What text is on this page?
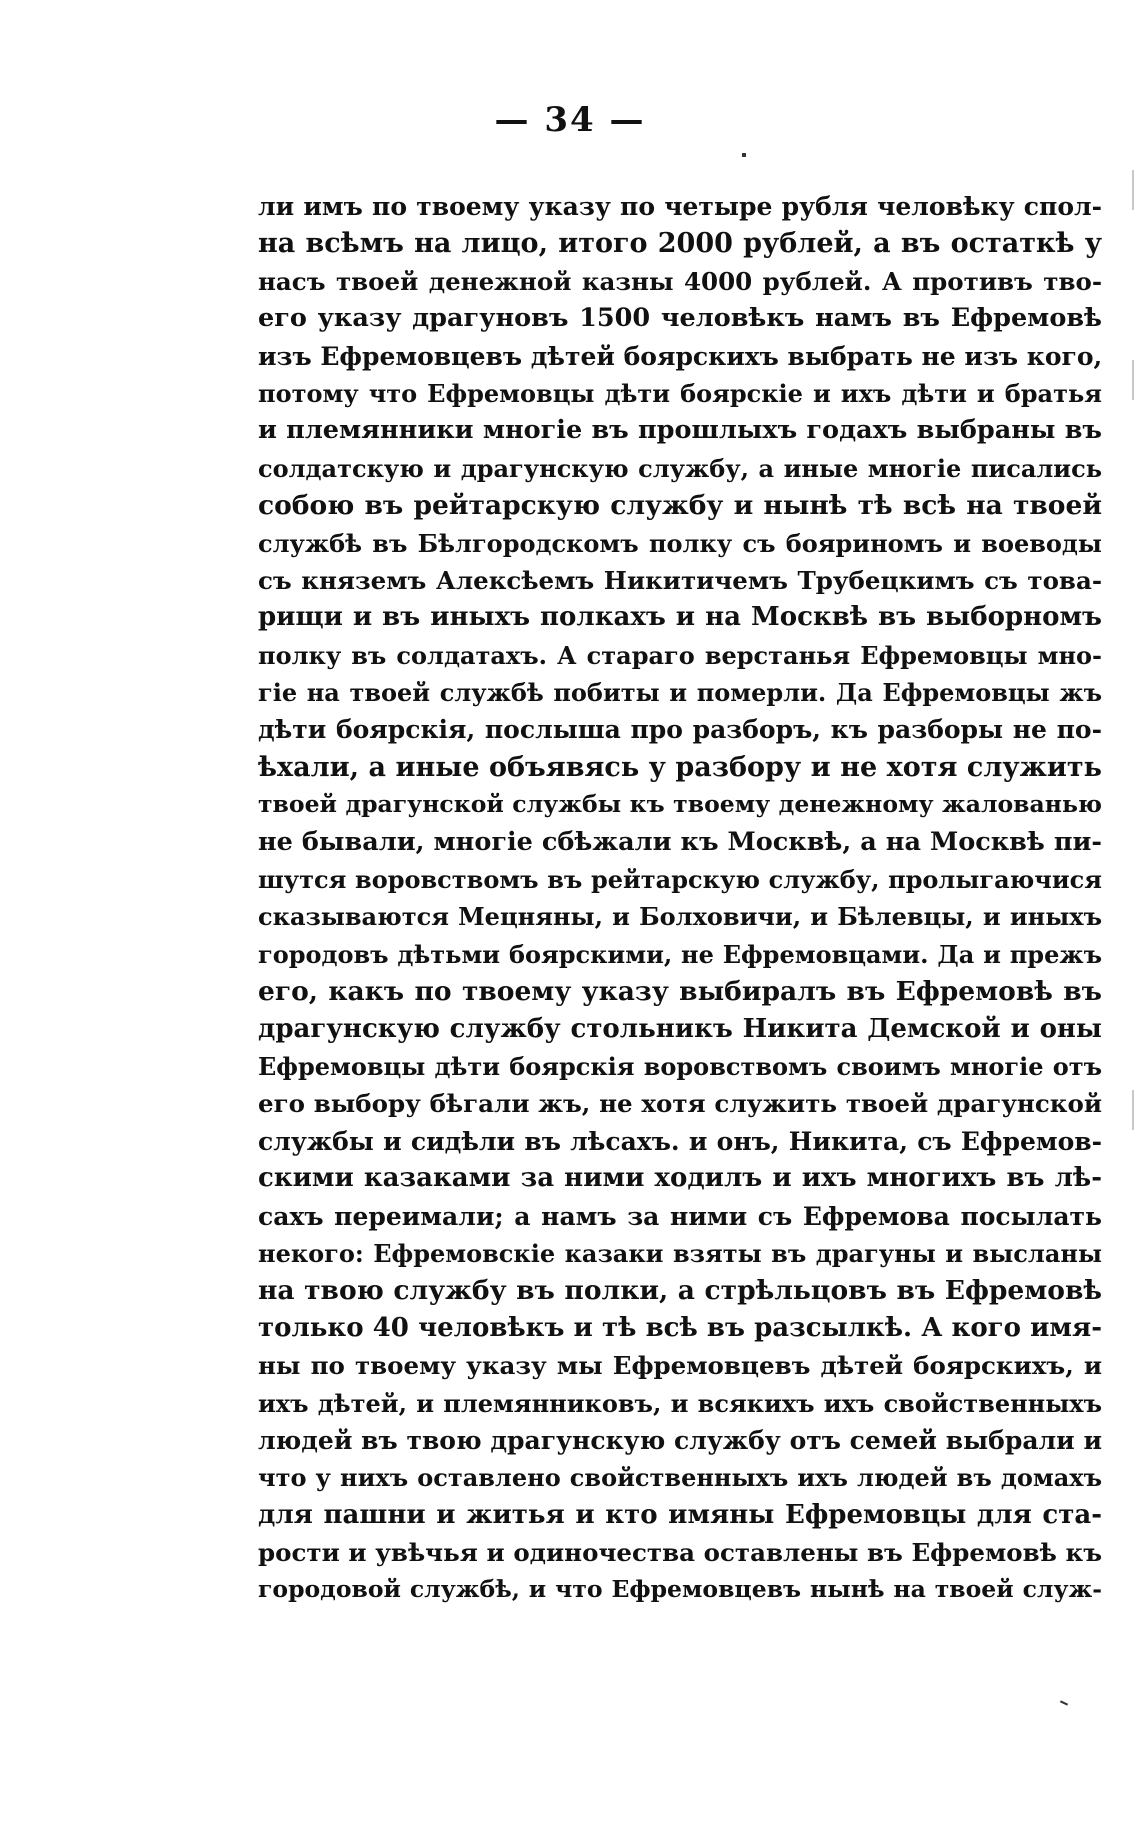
— 34 —
ли имъ по твоему указу по четыре рубля человѣку спол-
на всѣмъ на лицо, итого 2000 рублей, а въ остаткѣ у
насъ твоей денежной казны 4000 рублей. А противъ тво-
его указу драгуновъ 1500 человѣкъ намъ въ Ефремовѣ
изъ Ефремовцевъ дѣтей боярскихъ выбрать не изъ кого,
потому что Ефремовцы дѣти боярскіе и ихъ дѣти и братья
и племянники многіе въ прошлыхъ годахъ выбраны въ
солдатскую и драгунскую службу, а иные многіе писались
собою въ рейтарскую службу и нынѣ тѣ всѣ на твоей
службѣ въ Бѣлгородскомъ полку съ бояриномъ и воеводы
съ княземъ Алексѣемъ Никитичемъ Трубецкимъ съ това-
рищи и въ иныхъ полкахъ и на Москвѣ въ выборномъ
полку въ солдатахъ. А стараго верстанья Ефремовцы мно-
гіе на твоей службѣ побиты и померли. Да Ефремовцы жъ
дѣти боярскія, послыша про разборъ, къ разборы не по-
ѣхали, а иные объявясь у разбору и не хотя служить
твоей драгунской службы къ твоему денежному жалованью
не бывали, многіе сбѣжали къ Москвѣ, а на Москвѣ пи-
шутся воровствомъ въ рейтарскую службу, пролыгаючися
сказываются Мецняны, и Болховичи, и Бѣлевцы, и иныхъ
городовъ дѣтьми боярскими, не Ефремовцами. Да и прежъ
его, какъ по твоему указу выбиралъ въ Ефремовѣ въ
драгунскую службу стольникъ Никита Демской и оны
Ефремовцы дѣти боярскія воровствомъ своимъ многіе отъ
его выбору бѣгали жъ, не хотя служить твоей драгунской
службы и сидѣли въ лѣсахъ. и онъ, Никита, съ Ефремов-
скими казаками за ними ходилъ и ихъ многихъ въ лѣ-
сахъ переимали; а намъ за ними съ Ефремова посылать
некого: Ефремовскіе казаки взяты въ драгуны и высланы
на твою службу въ полки, а стрѣльцовъ въ Ефремовѣ
только 40 человѣкъ и тѣ всѣ въ разсылкѣ. А кого имя-
ны по твоему указу мы Ефремовцевъ дѣтей боярскихъ, и
ихъ дѣтей, и племянниковъ, и всякихъ ихъ свойственныхъ
людей въ твою драгунскую службу отъ семей выбрали и
что у нихъ оставлено свойственныхъ ихъ людей въ домахъ
для пашни и житья и кто имяны Ефремовцы для ста-
рости и увѣчья и одиночества оставлены въ Ефремовѣ къ
городовой службѣ, и что Ефремовцевъ нынѣ на твоей служ-
